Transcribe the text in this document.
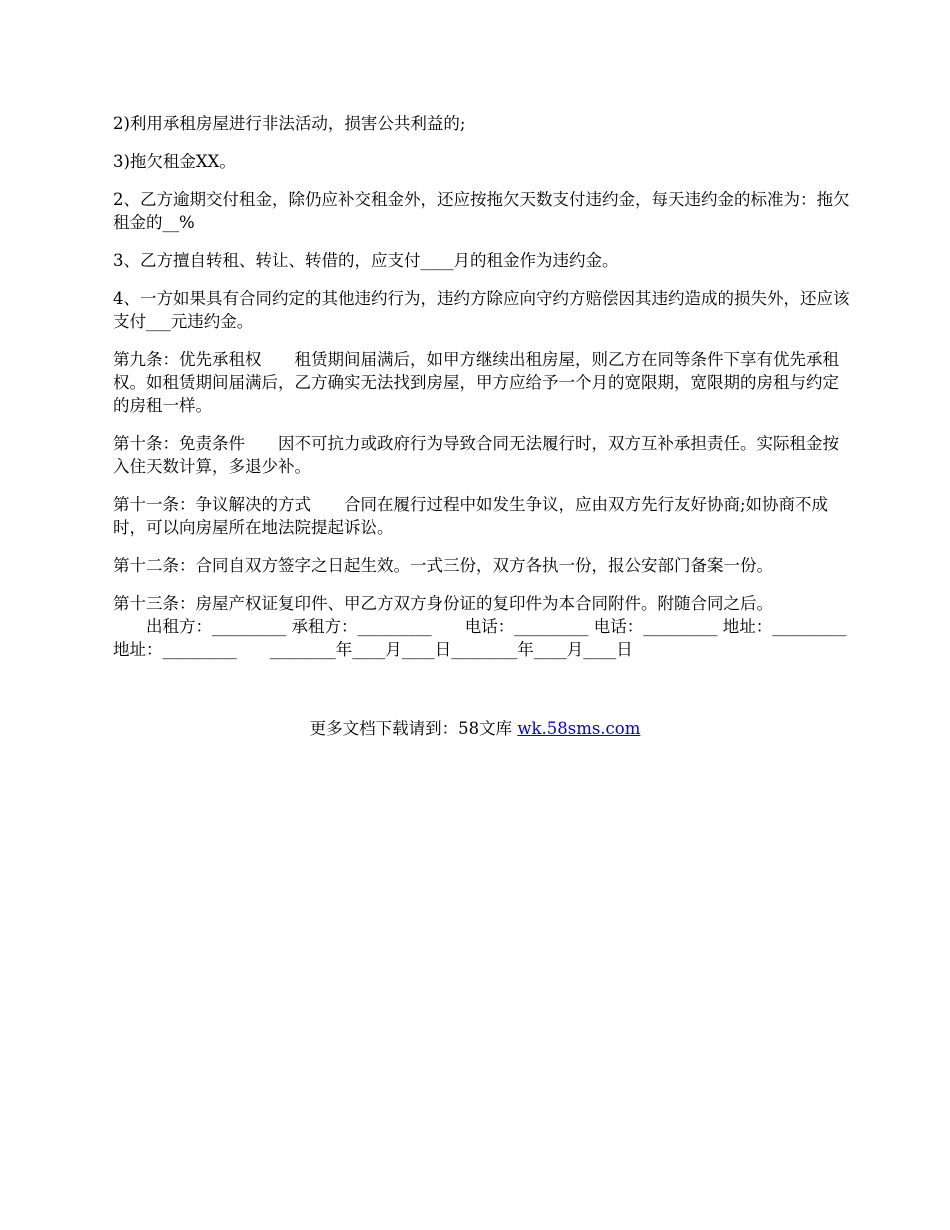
2)利用承租房屋进行非法活动，损害公共利益的;

3)拖欠租金XX。

2、乙方逾期交付租金，除仍应补交租金外，还应按拖欠天数支付违约金，每天违约金的标准为：拖欠租金的__%

3、乙方擅自转租、转让、转借的，应支付____月的租金作为违约金。

4、一方如果具有合同约定的其他违约行为，违约方除应向守约方赔偿因其违约造成的损失外，还应该支付___元违约金。

第九条：优先承租权　　租赁期间届满后，如甲方继续出租房屋，则乙方在同等条件下享有优先承租权。如租赁期间届满后，乙方确实无法找到房屋，甲方应给予一个月的宽限期，宽限期的房租与约定的房租一样。

第十条：免责条件　　因不可抗力或政府行为导致合同无法履行时，双方互补承担责任。实际租金按入住天数计算，多退少补。

第十一条：争议解决的方式　　合同在履行过程中如发生争议，应由双方先行友好协商;如协商不成时，可以向房屋所在地法院提起诉讼。

第十二条：合同自双方签字之日起生效。一式三份，双方各执一份，报公安部门备案一份。

第十三条：房屋产权证复印件、甲乙方双方身份证的复印件为本合同附件。附随合同之后。

　　出租方：_________ 承租方：_________　　电话：_________ 电话：_________ 地址：_________ 地址：_________　　________年____月____日________年____月____日

更多文档下载请到：58文库 wk.58sms.com
